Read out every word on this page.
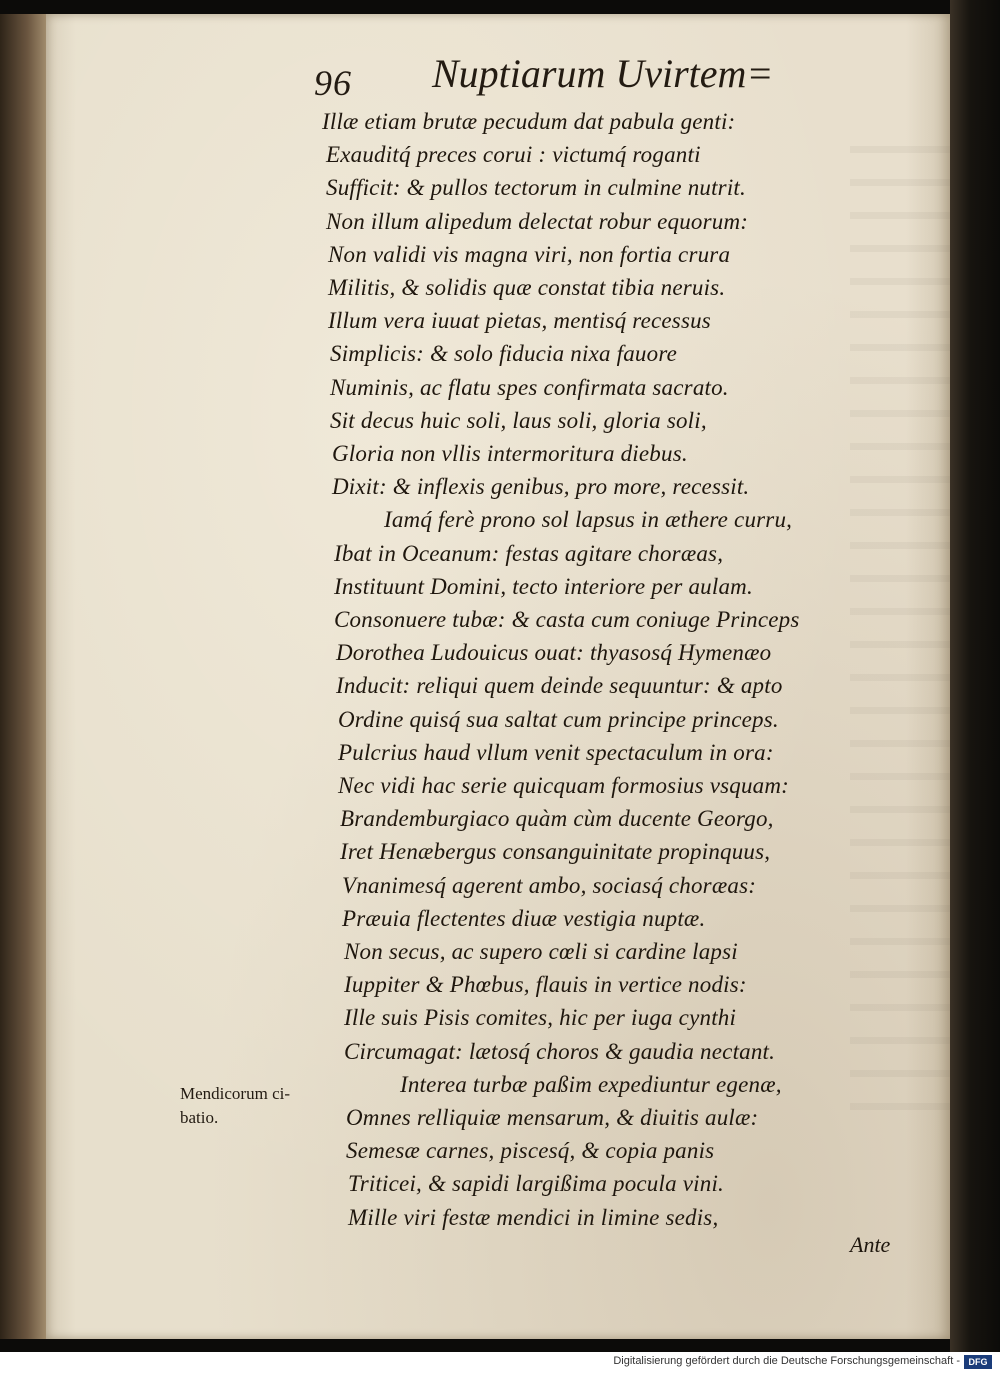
96 Nuptiarum Uvirtem=
Illæ etiam brutæ pecudum dat pabula genti:
Exauditq́ preces corui : victumq́ roganti
Sufficit: & pullos tectorum in culmine nutrit.
Non illum alipedum delectat robur equorum:
Non validi vis magna viri, non fortia crura
Militis, & solidis quæ constat tibia neruis.
Illum vera iuuat pietas, mentisq́ recessus
Simplicis: & solo fiducia nixa fauore
Numinis, ac flatu spes confirmata sacrato.
Sit decus huic soli, laus soli, gloria soli,
Gloria non vllis intermoritura diebus.
Dixit: & inflexis genibus, pro more, recessit.
Iamq́ ferè prono sol lapsus in æthere curru,
Ibat in Oceanum: festas agitare choræas,
Instituunt Domini, tecto interiore per aulam.
Consonuere tubæ: & casta cum coniuge Princeps
Dorothea Ludouicus ouat: thyasosq́ Hymenæo
Inducit: reliqui quem deinde sequuntur: & apto
Ordine quisq́ sua saltat cum principe princeps.
Pulcrius haud vllum venit spectaculum in ora:
Nec vidi hac serie quicquam formosius vsquam:
Brandemburgiaco quàm cùm ducente Georgo,
Iret Henæbergus consanguinitate propinquus,
Vnanimesq́ agerent ambo, sociasq́ choræas:
Præuia flectentes diuæ vestigia nuptæ.
Non secus, ac supero cœli si cardine lapsi
Iuppiter & Phœbus, flauis in vertice nodis:
Ille suis Pisis comites, hic per iuga cynthi
Circumagat: lætosq́ choros & gaudia nectant.
Interea turbæ paßim expediuntur egenæ,
Omnes relliquiæ mensarum, & diuitis aulæ:
Semesæ carnes, piscesq́, & copia panis
Triticei, & sapidi largißima pocula vini.
Mille viri festæ mendici in limine sedis,
Mendicorum ci-
batio.
Ante
Digitalisierung gefördert durch die Deutsche Forschungsgemeinschaft - DFG
